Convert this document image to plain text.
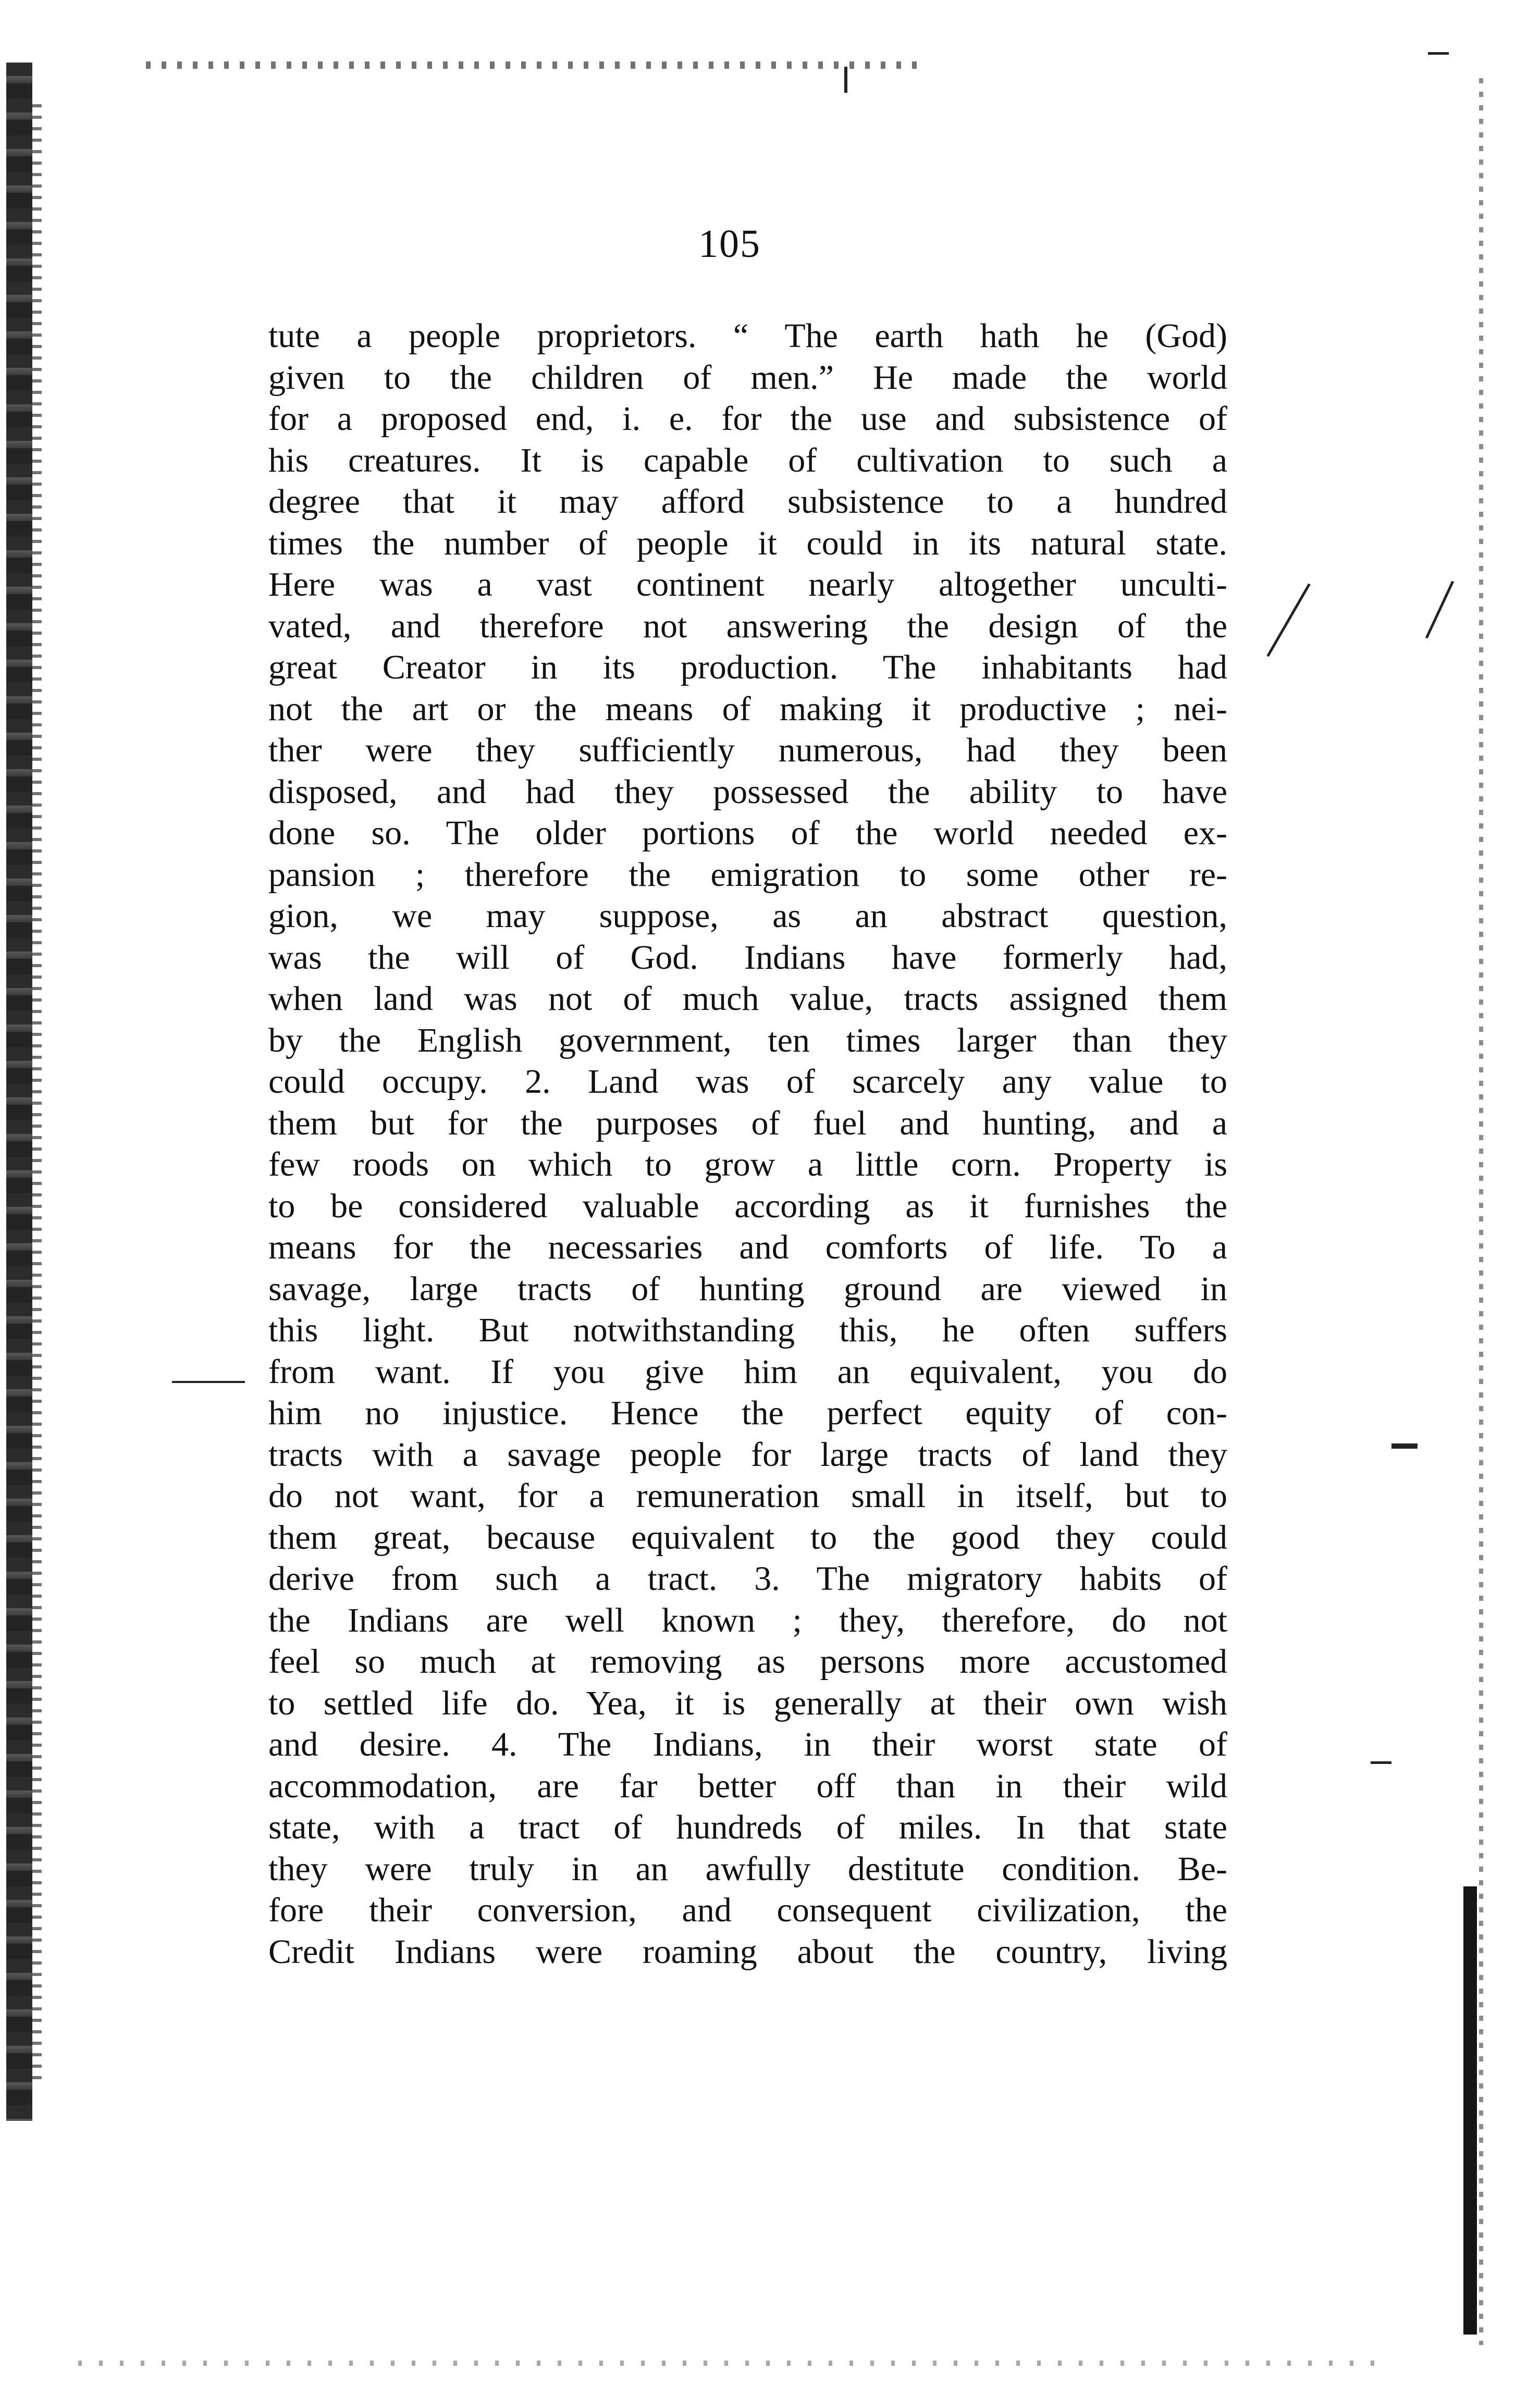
105
tute a people proprietors. “ The earth hath he (God)
given to the children of men.” He made the world
for a proposed end, i. e. for the use and subsistence of
his creatures. It is capable of cultivation to such a
degree that it may afford subsistence to a hundred
times the number of people it could in its natural state.
Here was a vast continent nearly altogether unculti-
vated, and therefore not answering the design of the
great Creator in its production. The inhabitants had
not the art or the means of making it productive ; nei-
ther were they sufficiently numerous, had they been
disposed, and had they possessed the ability to have
done so. The older portions of the world needed ex-
pansion ; therefore the emigration to some other re-
gion, we may suppose, as an abstract question,
was the will of God. Indians have formerly had,
when land was not of much value, tracts assigned them
by the English government, ten times larger than they
could occupy. 2. Land was of scarcely any value to
them but for the purposes of fuel and hunting, and a
few roods on which to grow a little corn. Property is
to be considered valuable according as it furnishes the
means for the necessaries and comforts of life. To a
savage, large tracts of hunting ground are viewed in
this light. But notwithstanding this, he often suffers
from want. If you give him an equivalent, you do
him no injustice. Hence the perfect equity of con-
tracts with a savage people for large tracts of land they
do not want, for a remuneration small in itself, but to
them great, because equivalent to the good they could
derive from such a tract. 3. The migratory habits of
the Indians are well known ; they, therefore, do not
feel so much at removing as persons more accustomed
to settled life do. Yea, it is generally at their own wish
and desire. 4. The Indians, in their worst state of
accommodation, are far better off than in their wild
state, with a tract of hundreds of miles. In that state
they were truly in an awfully destitute condition. Be-
fore their conversion, and consequent civilization, the
Credit Indians were roaming about the country, living
